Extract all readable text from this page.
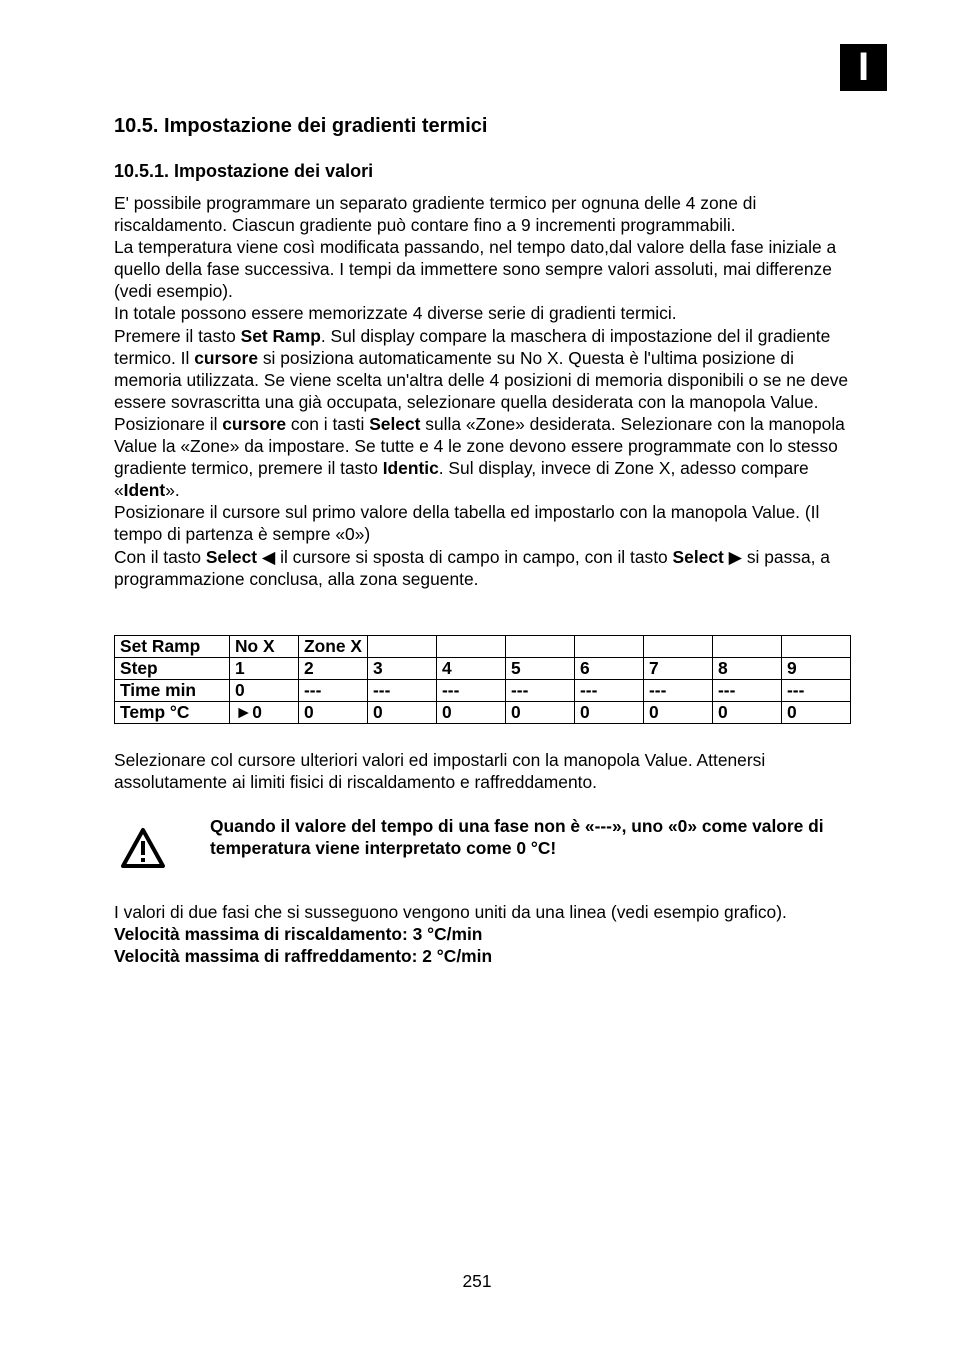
I
10.5. Impostazione dei gradienti termici
10.5.1. Impostazione dei valori

E' possibile programmare un separato gradiente termico per ognuna delle 4 zone di riscaldamento. Ciascun gradiente può contare fino a 9 incrementi programmabili.

La temperatura viene così modificata passando, nel tempo dato,dal valore della fase iniziale a quello della fase successiva. I tempi da immettere sono sempre valori assoluti, mai differenze (vedi esempio).

In totale possono essere memorizzate 4 diverse serie di gradienti termici.

Premere il tasto Set Ramp. Sul display compare la maschera di impostazione del il gradiente termico. Il cursore si posiziona automaticamente su No X. Questa è l'ultima posizione di memoria utilizzata. Se viene scelta un'altra delle 4 posizioni di memoria disponibili o se ne deve essere sovrascritta una già occupata, selezionare quella desiderata con la manopola Value.

Posizionare il cursore con i tasti Select sulla «Zone» desiderata. Selezionare con la manopola Value la «Zone» da impostare. Se tutte e 4 le zone devono essere programmate con lo stesso gradiente termico, premere il tasto Identic. Sul display, invece di Zone X, adesso compare «Ident».

Posizionare il cursore sul primo valore della tabella ed impostarlo con la manopola Value. (Il tempo di partenza è sempre «0»)

Con il tasto Select ◀ il cursore si sposta di campo in campo, con il tasto Select ▶ si passa, a programmazione conclusa, alla zona seguente.

Set Ramp	No X	Zone X							
Step	1	2	3	4	5	6	7	8	9
Time min	0	---	---	---	---	---	---	---	---
Temp °C	►0	0	0	0	0	0	0	0	0

Selezionare col cursore ulteriori valori ed impostarli con la manopola Value. Attenersi assolutamente ai limiti fisici di riscaldamento e raffreddamento.

Quando il valore del tempo di una fase non è «---», uno «0» come valore di temperatura viene interpretato come 0 °C!

I valori di due fasi che si susseguono vengono uniti da una linea (vedi esempio grafico).

Velocità massima di riscaldamento: 3 °C/min

Velocità massima di raffreddamento: 2 °C/min

251
